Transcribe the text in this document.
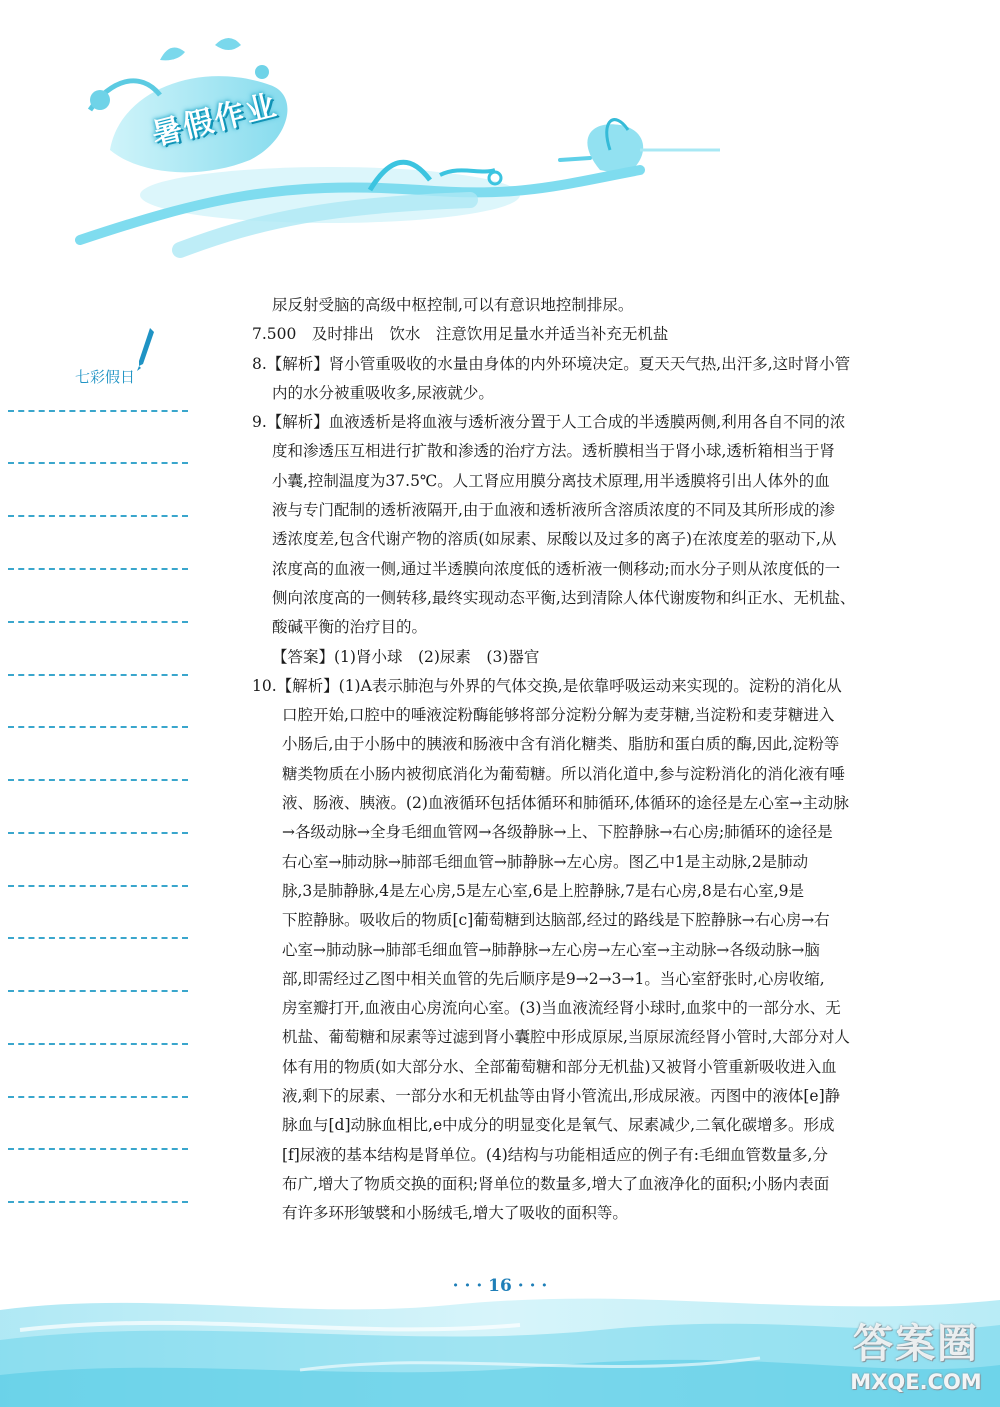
暑假作业
七彩假日
尿反射受脑的高级中枢控制,可以有意识地控制排尿。
7.500　及时排出　饮水　注意饮用足量水并适当补充无机盐
8.【解析】肾小管重吸收的水量由身体的内外环境决定。夏天天气热,出汗多,这时肾小管
内的水分被重吸收多,尿液就少。
9.【解析】血液透析是将血液与透析液分置于人工合成的半透膜两侧,利用各自不同的浓
度和渗透压互相进行扩散和渗透的治疗方法。透析膜相当于肾小球,透析箱相当于肾
小囊,控制温度为37.5℃。人工肾应用膜分离技术原理,用半透膜将引出人体外的血
液与专门配制的透析液隔开,由于血液和透析液所含溶质浓度的不同及其所形成的渗
透浓度差,包含代谢产物的溶质(如尿素、尿酸以及过多的离子)在浓度差的驱动下,从
浓度高的血液一侧,通过半透膜向浓度低的透析液一侧移动;而水分子则从浓度低的一
侧向浓度高的一侧转移,最终实现动态平衡,达到清除人体代谢废物和纠正水、无机盐、
酸碱平衡的治疗目的。
【答案】(1)肾小球　(2)尿素　(3)器官
10.【解析】(1)A表示肺泡与外界的气体交换,是依靠呼吸运动来实现的。淀粉的消化从
口腔开始,口腔中的唾液淀粉酶能够将部分淀粉分解为麦芽糖,当淀粉和麦芽糖进入
小肠后,由于小肠中的胰液和肠液中含有消化糖类、脂肪和蛋白质的酶,因此,淀粉等
糖类物质在小肠内被彻底消化为葡萄糖。所以消化道中,参与淀粉消化的消化液有唾
液、肠液、胰液。(2)血液循环包括体循环和肺循环,体循环的途径是左心室→主动脉
→各级动脉→全身毛细血管网→各级静脉→上、下腔静脉→右心房;肺循环的途径是
右心室→肺动脉→肺部毛细血管→肺静脉→左心房。图乙中1是主动脉,2是肺动
脉,3是肺静脉,4是左心房,5是左心室,6是上腔静脉,7是右心房,8是右心室,9是
下腔静脉。吸收后的物质[c]葡萄糖到达脑部,经过的路线是下腔静脉→右心房→右
心室→肺动脉→肺部毛细血管→肺静脉→左心房→左心室→主动脉→各级动脉→脑
部,即需经过乙图中相关血管的先后顺序是9→2→3→1。当心室舒张时,心房收缩,
房室瓣打开,血液由心房流向心室。(3)当血液流经肾小球时,血浆中的一部分水、无
机盐、葡萄糖和尿素等过滤到肾小囊腔中形成原尿,当原尿流经肾小管时,大部分对人
体有用的物质(如大部分水、全部葡萄糖和部分无机盐)又被肾小管重新吸收进入血
液,剩下的尿素、一部分水和无机盐等由肾小管流出,形成尿液。丙图中的液体[e]静
脉血与[d]动脉血相比,e中成分的明显变化是氧气、尿素减少,二氧化碳增多。形成
[f]尿液的基本结构是肾单位。(4)结构与功能相适应的例子有:毛细血管数量多,分
布广,增大了物质交换的面积;肾单位的数量多,增大了血液净化的面积;小肠内表面
有许多环形皱襞和小肠绒毛,增大了吸收的面积等。
· · · 16 · · ·
答案圈
MXQE.COM
